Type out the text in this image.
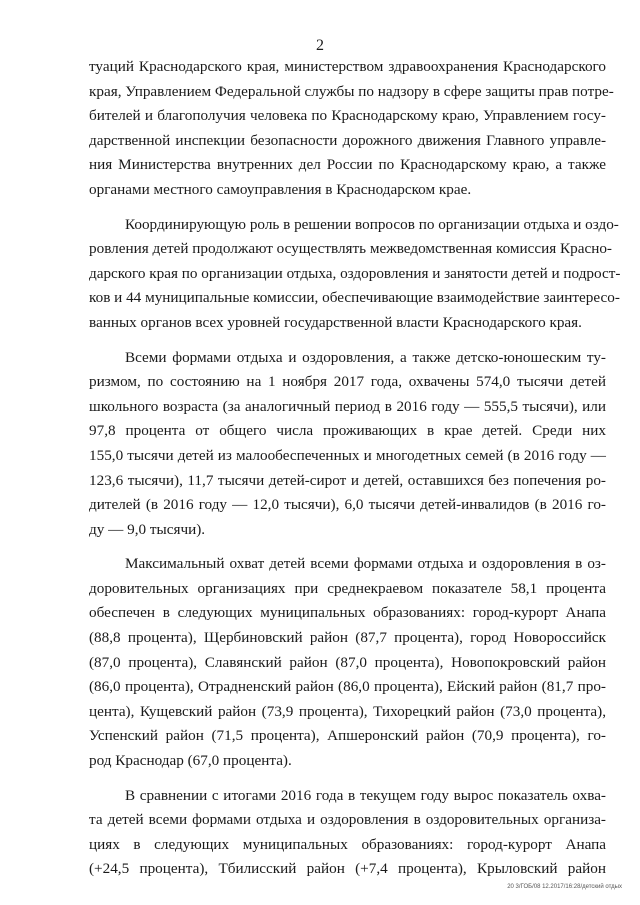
2
туаций Краснодарского края, министерством здравоохранения Краснодарского
края, Управлением Федеральной службы по надзору в сфере защиты прав потре-
бителей и благополучия человека по Краснодарскому краю, Управлением госу-
дарственной инспекции безопасности дорожного движения Главного управле-
ния Министерства внутренних дел России по Краснодарскому краю, а также
органами местного самоуправления в Краснодарском крае.
Координирующую роль в решении вопросов по организации отдыха и оздо-
ровления детей продолжают осуществлять межведомственная комиссия Красно-
дарского края по организации отдыха, оздоровления и занятости детей и подрост-
ков и 44 муниципальные комиссии, обеспечивающие взаимодействие заинтересо-
ванных органов всех уровней государственной власти Краснодарского края.
Всеми формами отдыха и оздоровления, а также детско-юношеским ту-
ризмом, по состоянию на 1 ноября 2017 года, охвачены 574,0 тысячи детей
школьного возраста (за аналогичный период в 2016 году — 555,5 тысячи), или
97,8 процента от общего числа проживающих в крае детей. Среди них
155,0 тысячи детей из малообеспеченных и многодетных семей (в 2016 году —
123,6 тысячи), 11,7 тысячи детей-сирот и детей, оставшихся без попечения ро-
дителей (в 2016 году — 12,0 тысячи), 6,0 тысячи детей-инвалидов (в 2016 го-
ду — 9,0 тысячи).
Максимальный охват детей всеми формами отдыха и оздоровления в оз-
доровительных организациях при среднекраевом показателе 58,1 процента
обеспечен в следующих муниципальных образованиях: город-курорт Анапа
(88,8 процента), Щербиновский район (87,7 процента), город Новороссийск
(87,0 процента), Славянский район (87,0 процента), Новопокровский район
(86,0 процента), Отрадненский район (86,0 процента), Ейский район (81,7 про-
цента), Кущевский район (73,9 процента), Тихорецкий район (73,0 процента),
Успенский район (71,5 процента), Апшеронский район (70,9 процента), го-
род Краснодар (67,0 процента).
В сравнении с итогами 2016 года в текущем году вырос показатель охва-
та детей всеми формами отдыха и оздоровления в оздоровительных организа-
циях в следующих муниципальных образованиях: город-курорт Анапа
(+24,5 процента), Тбилисский район (+7,4 процента), Крыловский район
20 3/ГОБ/08 12.2017/16:28/детский отдых
